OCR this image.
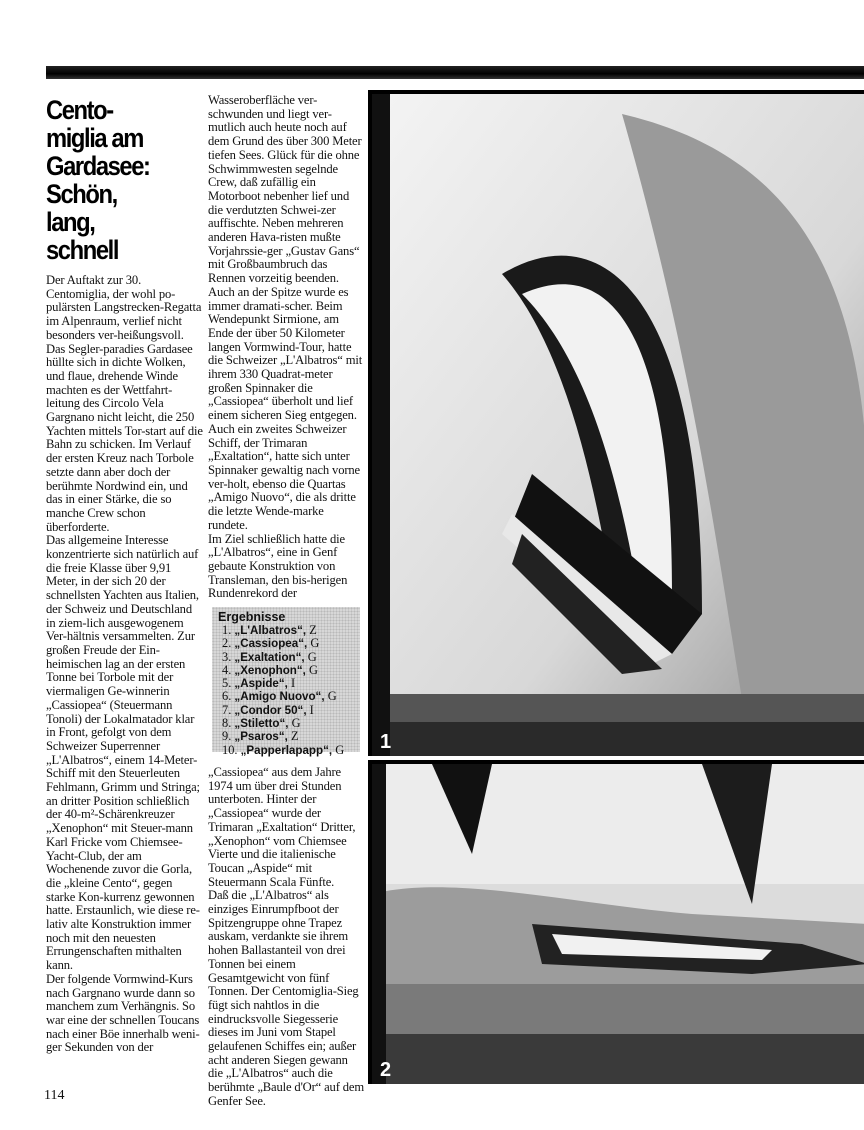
Cento-
miglia am
Gardasee:
Schön,
lang,
schnell

Der Auftakt zur 30. Centomiglia, der wohl po-pulärsten Langstrecken-Regatta im Alpenraum, verlief nicht besonders ver-heißungsvoll. Das Segler-paradies Gardasee hüllte sich in dichte Wolken, und flaue, drehende Winde machten es der Wettfahrt-leitung des Circolo Vela Gargnano nicht leicht, die 250 Yachten mittels Tor-start auf die Bahn zu schicken. Im Verlauf der ersten Kreuz nach Torbole setzte dann aber doch der berühmte Nordwind ein, und das in einer Stärke, die so manche Crew schon überforderte.
Das allgemeine Interesse konzentrierte sich natürlich auf die freie Klasse über 9,91 Meter, in der sich 20 der schnellsten Yachten aus Italien, der Schweiz und Deutschland in ziem-lich ausgewogenem Ver-hältnis versammelten. Zur großen Freude der Ein-heimischen lag an der ersten Tonne bei Torbole mit der viermaligen Ge-winnerin „Cassiopea“ (Steuermann Tonoli) der Lokalmatador klar in Front, gefolgt von dem Schweizer Superrenner „L'Albatros“, einem 14-Meter-Schiff mit den Steuerleuten Fehlmann, Grimm und Stringa; an dritter Position schließlich der 40-m²-Schärenkreuzer „Xenophon“ mit Steuer-mann Karl Fricke vom Chiemsee-Yacht-Club, der am Wochenende zuvor die Gorla, die „kleine Cento“, gegen starke Kon-kurrenz gewonnen hatte. Erstaunlich, wie diese re-lativ alte Konstruktion immer noch mit den neuesten Errungenschaften mithalten kann.
Der folgende Vormwind-Kurs nach Gargnano wurde dann so manchem zum Verhängnis. So war eine der schnellen Toucans nach einer Böe innerhalb weni-ger Sekunden von der

Wasseroberfläche ver-schwunden und liegt ver-mutlich auch heute noch auf dem Grund des über 300 Meter tiefen Sees. Glück für die ohne Schwimmwesten segelnde Crew, daß zufällig ein Motorboot nebenher lief und die verdutzten Schwei-zer auffischte. Neben mehreren anderen Hava-risten mußte Vorjahrssie-ger „Gustav Gans“ mit Großbaumbruch das Rennen vorzeitig beenden. Auch an der Spitze wurde es immer dramati-scher. Beim Wendepunkt Sirmione, am Ende der über 50 Kilometer langen Vormwind-Tour, hatte die Schweizer „L'Albatros“ mit ihrem 330 Quadrat-meter großen Spinnaker die „Cassiopea“ überholt und lief einem sicheren Sieg entgegen. Auch ein zweites Schweizer Schiff, der Trimaran „Exaltation“, hatte sich unter Spinnaker gewaltig nach vorne ver-holt, ebenso die Quartas „Amigo Nuovo“, die als dritte die letzte Wende-marke rundete.
Im Ziel schließlich hatte die „L'Albatros“, eine in Genf gebaute Konstruktion von Transleman, den bis-herigen Rundenrekord der

„Cassiopea“ aus dem Jahre 1974 um über drei Stunden unterboten. Hinter der „Cassiopea“ wurde der Trimaran „Exaltation“ Dritter, „Xenophon“ vom Chiemsee Vierte und die italienische Toucan „Aspide“ mit Steuermann Scala Fünfte.
Daß die „L'Albatros“ als einziges Einrumpfboot der Spitzengruppe ohne Trapez auskam, verdankte sie ihrem hohen Ballastanteil von drei Tonnen bei einem Gesamtgewicht von fünf Tonnen. Der Centomiglia-Sieg fügt sich nahtlos in die eindrucksvolle Siegesserie dieses im Juni vom Stapel gelaufenen Schiffes ein; außer acht anderen Siegen gewann die „L'Albatros“ auch die berühmte „Baule d'Or“ auf dem Genfer See.

Ergebnisse
1. „L'Albatros“, Z
2. „Cassiopea“, G
3. „Exaltation“, G
4. „Xenophon“, G
5. „Aspide“, I
6. „Amigo Nuovo“, G
7. „Condor 50“, I
8. „Stiletto“, G
9. „Psaros“, Z
10. „Papperlapapp“, G	1
2
114
